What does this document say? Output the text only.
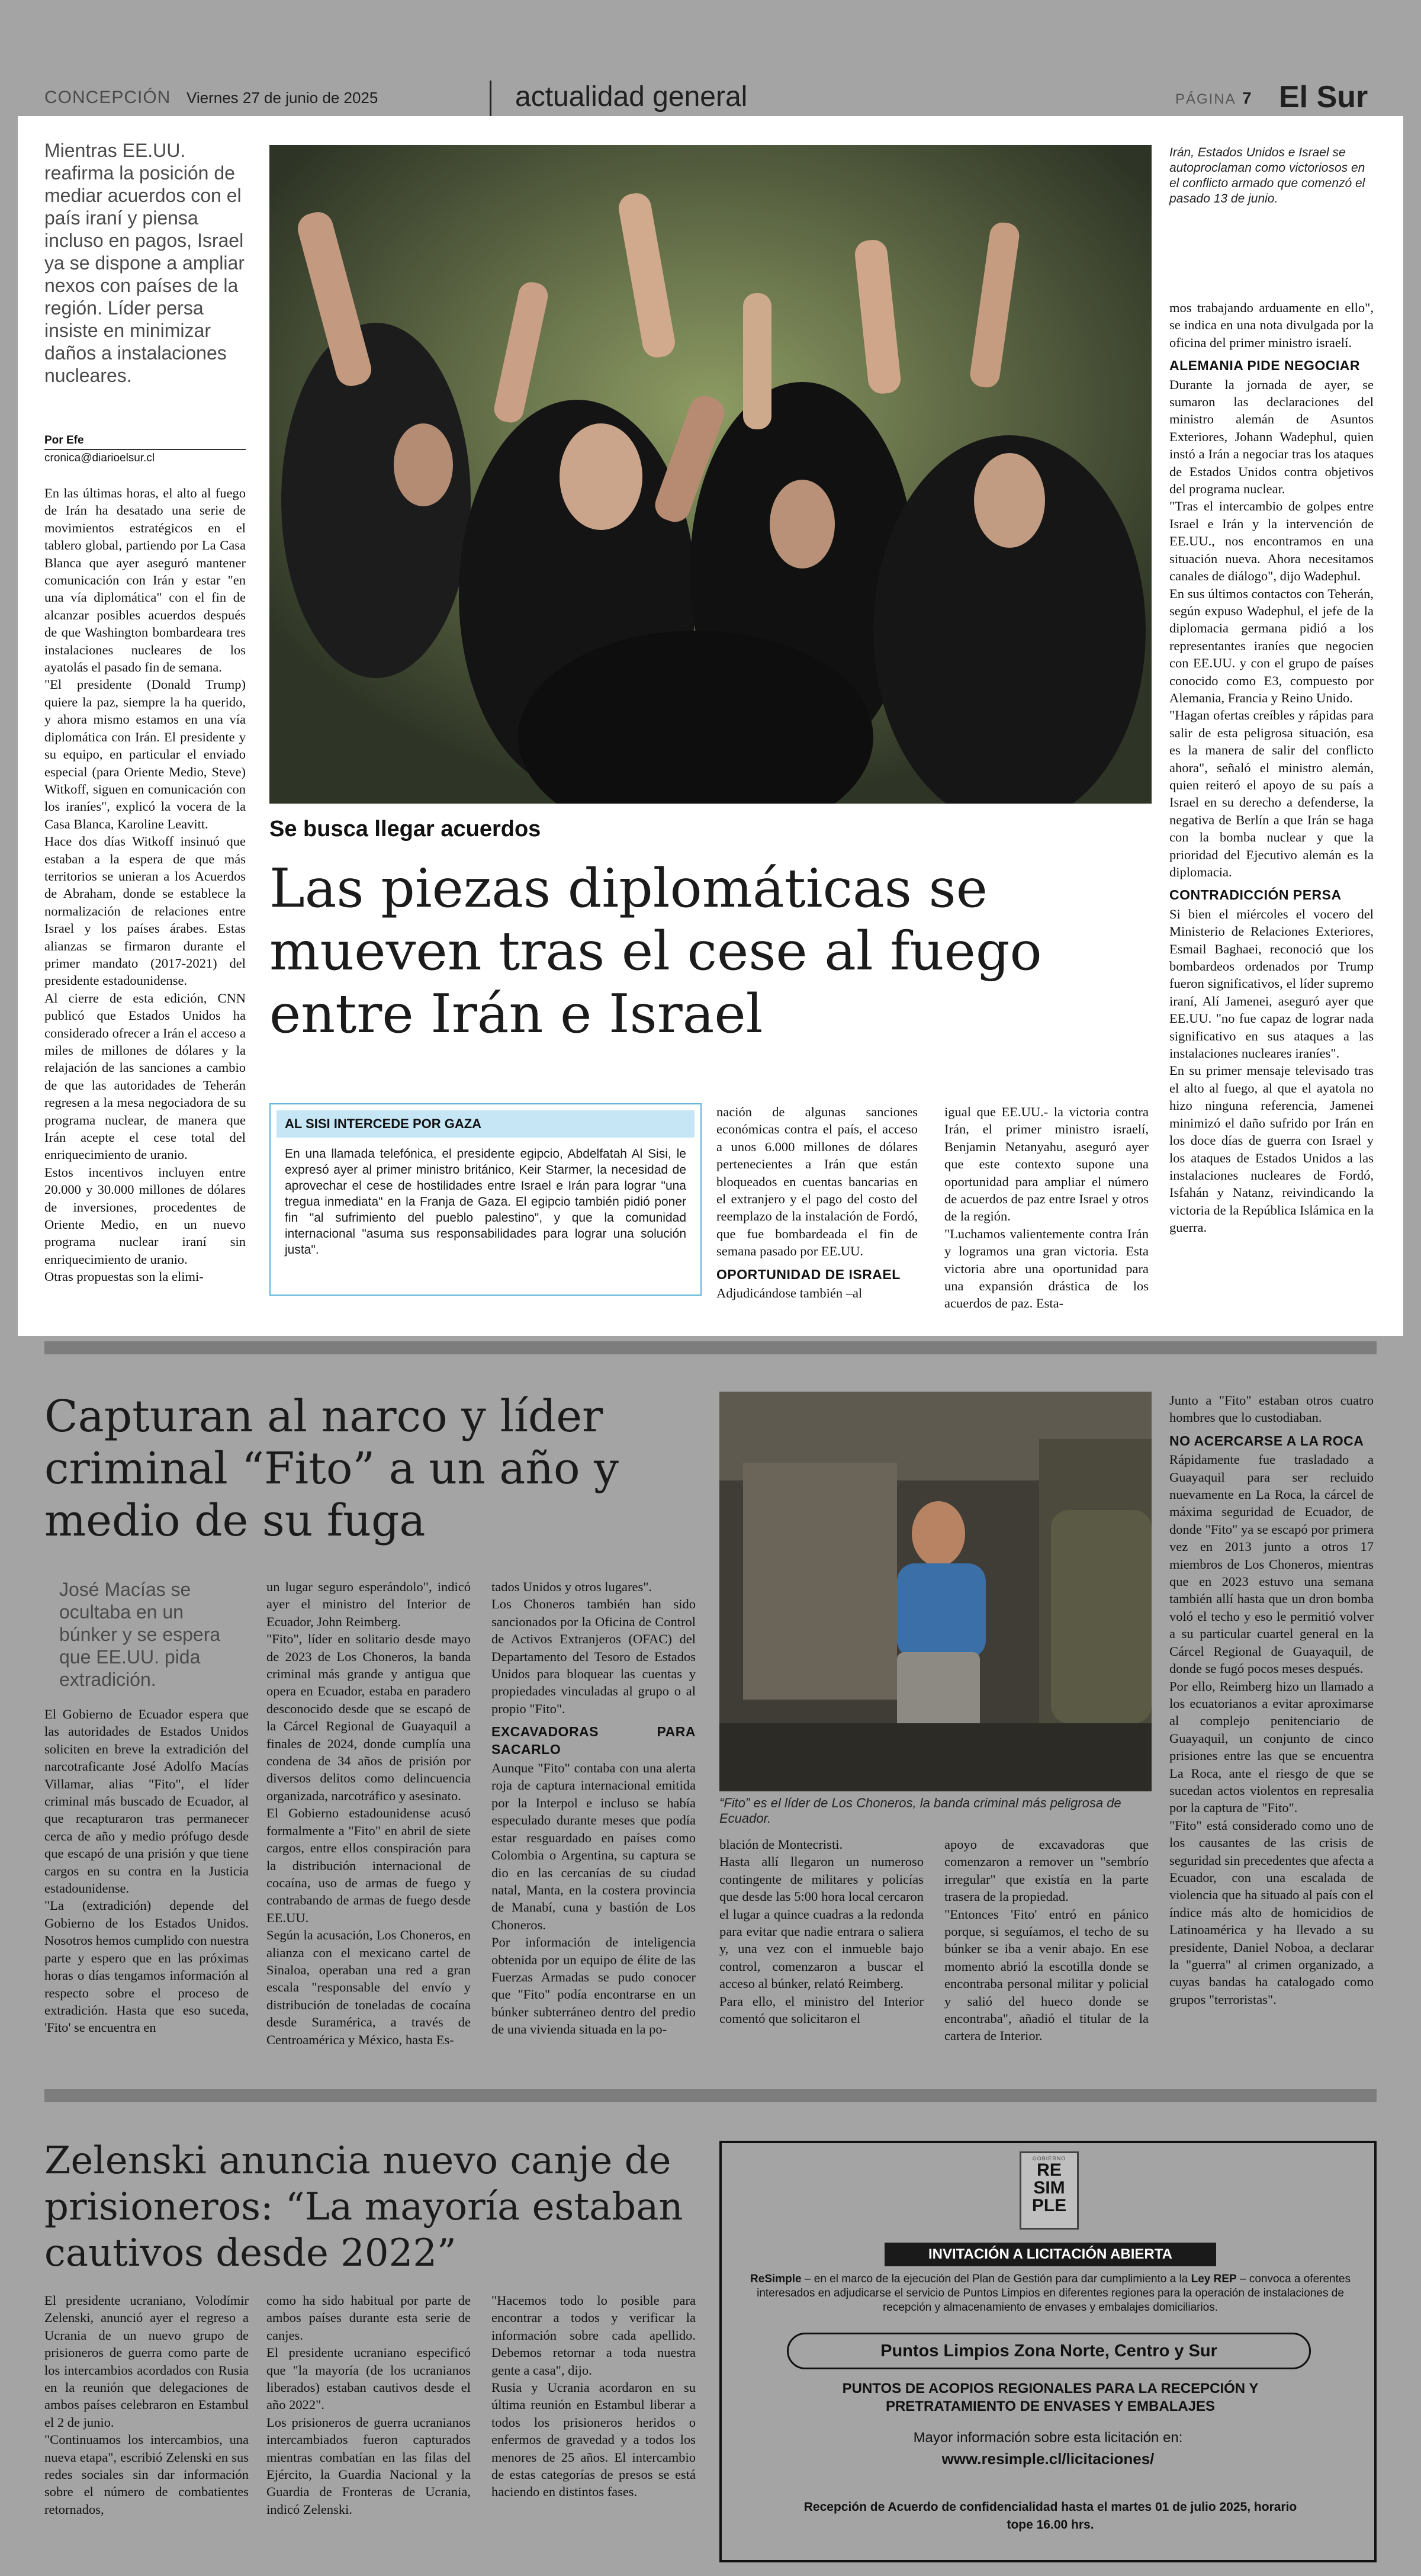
CONCEPCIÓN Viernes 27 de junio de 2025	actualidad general	PÁGINA 7 El Sur
Mientras EE.UU. reafirma la posición de mediar acuerdos con el país iraní y piensa incluso en pagos, Israel ya se dispone a ampliar nexos con países de la región. Líder persa insiste en minimizar daños a instalaciones nucleares.
Por Efe
cronica@diarioelsur.cl

En las últimas horas, el alto al fuego de Irán ha desatado una serie de movimientos estratégicos en el tablero global, partiendo por La Casa Blanca que ayer aseguró mantener comunicación con Irán y estar "en una vía diplomática" con el fin de alcanzar posibles acuerdos después de que Washington bombardeara tres instalaciones nucleares de los ayatolás el pasado fin de semana.
"El presidente (Donald Trump) quiere la paz, siempre la ha querido, y ahora mismo estamos en una vía diplomática con Irán. El presidente y su equipo, en particular el enviado especial (para Oriente Medio, Steve) Witkoff, siguen en comunicación con los iraníes", explicó la vocera de la Casa Blanca, Karoline Leavitt.
Hace dos días Witkoff insinuó que estaban a la espera de que más territorios se unieran a los Acuerdos de Abraham, donde se establece la normalización de relaciones entre Israel y los países árabes. Estas alianzas se firmaron durante el primer mandato (2017-2021) del presidente estadounidense.
Al cierre de esta edición, CNN publicó que Estados Unidos ha considerado ofrecer a Irán el acceso a miles de millones de dólares y la relajación de las sanciones a cambio de que las autoridades de Teherán regresen a la mesa negociadora de su programa nuclear, de manera que Irán acepte el cese total del enriquecimiento de uranio.
Estos incentivos incluyen entre 20.000 y 30.000 millones de dólares de inversiones, procedentes de Oriente Medio, en un nuevo programa nuclear iraní sin enriquecimiento de uranio.
Otras propuestas son la elimi-

Irán, Estados Unidos e Israel se autoproclaman como victoriosos en el conflicto armado que comenzó el pasado 13 de junio.
Se busca llegar acuerdos
Las piezas diplomáticas se mueven tras el cese al fuego entre Irán e Israel
AL SISI INTERCEDE POR GAZA
En una llamada telefónica, el presidente egipcio, Abdelfatah Al Sisi, le expresó ayer al primer ministro británico, Keir Starmer, la necesidad de aprovechar el cese de hostilidades entre Israel e Irán para lograr "una tregua inmediata" en la Franja de Gaza. El egipcio también pidió poner fin "al sufrimiento del pueblo palestino", y que la comunidad internacional "asuma sus responsabilidades para lograr una solución justa".

nación de algunas sanciones económicas contra el país, el acceso a unos 6.000 millones de dólares pertenecientes a Irán que están bloqueados en cuentas bancarias en el extranjero y el pago del costo del reemplazo de la instalación de Fordó, que fue bombardeada el fin de semana pasado por EE.UU.

OPORTUNIDAD DE ISRAEL

Adjudicándose también –al

igual que EE.UU.- la victoria contra Irán, el primer ministro israelí, Benjamin Netanyahu, aseguró ayer que este contexto supone una oportunidad para ampliar el número de acuerdos de paz entre Israel y otros de la región.
"Luchamos valientemente contra Irán y logramos una gran victoria. Esta victoria abre una oportunidad para una expansión drástica de los acuerdos de paz. Esta-

mos trabajando arduamente en ello", se indica en una nota divulgada por la oficina del primer ministro israelí.

ALEMANIA PIDE NEGOCIAR

Durante la jornada de ayer, se sumaron las declaraciones del ministro alemán de Asuntos Exteriores, Johann Wadephul, quien instó a Irán a negociar tras los ataques de Estados Unidos contra objetivos del programa nuclear.
"Tras el intercambio de golpes entre Israel e Irán y la intervención de EE.UU., nos encontramos en una situación nueva. Ahora necesitamos canales de diálogo", dijo Wadephul.
En sus últimos contactos con Teherán, según expuso Wadephul, el jefe de la diplomacia germana pidió a los representantes iraníes que negocien con EE.UU. y con el grupo de países conocido como E3, compuesto por Alemania, Francia y Reino Unido.
"Hagan ofertas creíbles y rápidas para salir de esta peligrosa situación, esa es la manera de salir del conflicto ahora", señaló el ministro alemán, quien reiteró el apoyo de su país a Israel en su derecho a defenderse, la negativa de Berlín a que Irán se haga con la bomba nuclear y que la prioridad del Ejecutivo alemán es la diplomacia.

CONTRADICCIÓN PERSA

Si bien el miércoles el vocero del Ministerio de Relaciones Exteriores, Esmail Baghaei, reconoció que los bombardeos ordenados por Trump fueron significativos, el líder supremo iraní, Alí Jamenei, aseguró ayer que EE.UU. "no fue capaz de lograr nada significativo en sus ataques a las instalaciones nucleares iraníes".
En su primer mensaje televisado tras el alto al fuego, al que el ayatola no hizo ninguna referencia, Jamenei minimizó el daño sufrido por Irán en los doce días de guerra con Israel y los ataques de Estados Unidos a las instalaciones nucleares de Fordó, Isfahán y Natanz, reivindicando la victoria de la República Islámica en la guerra.

Capturan al narco y líder criminal “Fito” a un año y medio de su fuga
José Macías se ocultaba en un búnker y se espera que EE.UU. pida extradición.

El Gobierno de Ecuador espera que las autoridades de Estados Unidos soliciten en breve la extradición del narcotraficante José Adolfo Macías Villamar, alias "Fito", el líder criminal más buscado de Ecuador, al que recapturaron tras permanecer cerca de año y medio prófugo desde que escapó de una prisión y que tiene cargos en su contra en la Justicia estadounidense.
"La (extradición) depende del Gobierno de los Estados Unidos. Nosotros hemos cumplido con nuestra parte y espero que en las próximas horas o días tengamos información al respecto sobre el proceso de extradición. Hasta que eso suceda, 'Fito' se encuentra en

un lugar seguro esperándolo", indicó ayer el ministro del Interior de Ecuador, John Reimberg.
"Fito", líder en solitario desde mayo de 2023 de Los Choneros, la banda criminal más grande y antigua que opera en Ecuador, estaba en paradero desconocido desde que se escapó de la Cárcel Regional de Guayaquil a finales de 2024, donde cumplía una condena de 34 años de prisión por diversos delitos como delincuencia organizada, narcotráfico y asesinato.
El Gobierno estadounidense acusó formalmente a "Fito" en abril de siete cargos, entre ellos conspiración para la distribución internacional de cocaína, uso de armas de fuego y contrabando de armas de fuego desde EE.UU.
Según la acusación, Los Choneros, en alianza con el mexicano cartel de Sinaloa, operaban una red a gran escala "responsable del envío y distribución de toneladas de cocaína desde Suramérica, a través de Centroamérica y México, hasta Es-

tados Unidos y otros lugares".
Los Choneros también han sido sancionados por la Oficina de Control de Activos Extranjeros (OFAC) del Departamento del Tesoro de Estados Unidos para bloquear las cuentas y propiedades vinculadas al grupo o al propio "Fito".

EXCAVADORAS PARA SACARLO

Aunque "Fito" contaba con una alerta roja de captura internacional emitida por la Interpol e incluso se había especulado durante meses que podía estar resguardado en países como Colombia o Argentina, su captura se dio en las cercanías de su ciudad natal, Manta, en la costera provincia de Manabí, cuna y bastión de Los Choneros.
Por información de inteligencia obtenida por un equipo de élite de las Fuerzas Armadas se pudo conocer que "Fito" podía encontrarse en un búnker subterráneo dentro del predio de una vivienda situada en la po-

“Fito” es el líder de Los Choneros, la banda criminal más peligrosa de Ecuador.

blación de Montecristi.
Hasta allí llegaron un numeroso contingente de militares y policías que desde las 5:00 hora local cercaron el lugar a quince cuadras a la redonda para evitar que nadie entrara o saliera y, una vez con el inmueble bajo control, comenzaron a buscar el acceso al búnker, relató Reimberg.
Para ello, el ministro del Interior comentó que solicitaron el

apoyo de excavadoras que comenzaron a remover un "sembrío irregular" que existía en la parte trasera de la propiedad.
"Entonces 'Fito' entró en pánico porque, si seguíamos, el techo de su búnker se iba a venir abajo. En ese momento abrió la escotilla donde se encontraba personal militar y policial y salió del hueco donde se encontraba", añadió el titular de la cartera de Interior.

Junto a "Fito" estaban otros cuatro hombres que lo custodiaban.

NO ACERCARSE A LA ROCA

Rápidamente fue trasladado a Guayaquil para ser recluido nuevamente en La Roca, la cárcel de máxima seguridad de Ecuador, de donde "Fito" ya se escapó por primera vez en 2013 junto a otros 17 miembros de Los Choneros, mientras que en 2023 estuvo una semana también allí hasta que un dron bomba voló el techo y eso le permitió volver a su particular cuartel general en la Cárcel Regional de Guayaquil, de donde se fugó pocos meses después.
Por ello, Reimberg hizo un llamado a los ecuatorianos a evitar aproximarse al complejo penitenciario de Guayaquil, un conjunto de cinco prisiones entre las que se encuentra La Roca, ante el riesgo de que se sucedan actos violentos en represalia por la captura de "Fito".
"Fito" está considerado como uno de los causantes de las crisis de seguridad sin precedentes que afecta a Ecuador, con una escalada de violencia que ha situado al país con el índice más alto de homicidios de Latinoamérica y ha llevado a su presidente, Daniel Noboa, a declarar la "guerra" al crimen organizado, a cuyas bandas ha catalogado como grupos "terroristas".

Zelenski anuncia nuevo canje de prisioneros: “La mayoría estaban cautivos desde 2022”

El presidente ucraniano, Volodímir Zelenski, anunció ayer el regreso a Ucrania de un nuevo grupo de prisioneros de guerra como parte de los intercambios acordados con Rusia en la reunión que delegaciones de ambos países celebraron en Estambul el 2 de junio.
"Continuamos los intercambios, una nueva etapa", escribió Zelenski en sus redes sociales sin dar información sobre el número de combatientes retornados,

como ha sido habitual por parte de ambos países durante esta serie de canjes.
El presidente ucraniano especificó que "la mayoría (de los ucranianos liberados) estaban cautivos desde el año 2022".
Los prisioneros de guerra ucranianos intercambiados fueron capturados mientras combatían en las filas del Ejército, la Guardia Nacional y la Guardia de Fronteras de Ucrania, indicó Zelenski.

"Hacemos todo lo posible para encontrar a todos y verificar la información sobre cada apellido. Debemos retornar a toda nuestra gente a casa", dijo.
Rusia y Ucrania acordaron en su última reunión en Estambul liberar a todos los prisioneros heridos o enfermos de gravedad y a todos los menores de 25 años. El intercambio de estas categorías de presos se está haciendo en distintos fases.

GOBIERNO
RE
SIM
PLE
INVITACIÓN A LICITACIÓN ABIERTA
ReSimple – en el marco de la ejecución del Plan de Gestión para dar cumplimiento a la Ley REP – convoca a oferentes interesados en adjudicarse el servicio de Puntos Limpios en diferentes regiones para la operación de instalaciones de recepción y almacenamiento de envases y embalajes domiciliarios.
Puntos Limpios Zona Norte, Centro y Sur
PUNTOS DE ACOPIOS REGIONALES PARA LA RECEPCIÓN Y PRETRATAMIENTO DE ENVASES Y EMBALAJES
Mayor información sobre esta licitación en:
www.resimple.cl/licitaciones/
Recepción de Acuerdo de confidencialidad hasta el martes 01 de julio 2025, horario tope 16.00 hrs.
